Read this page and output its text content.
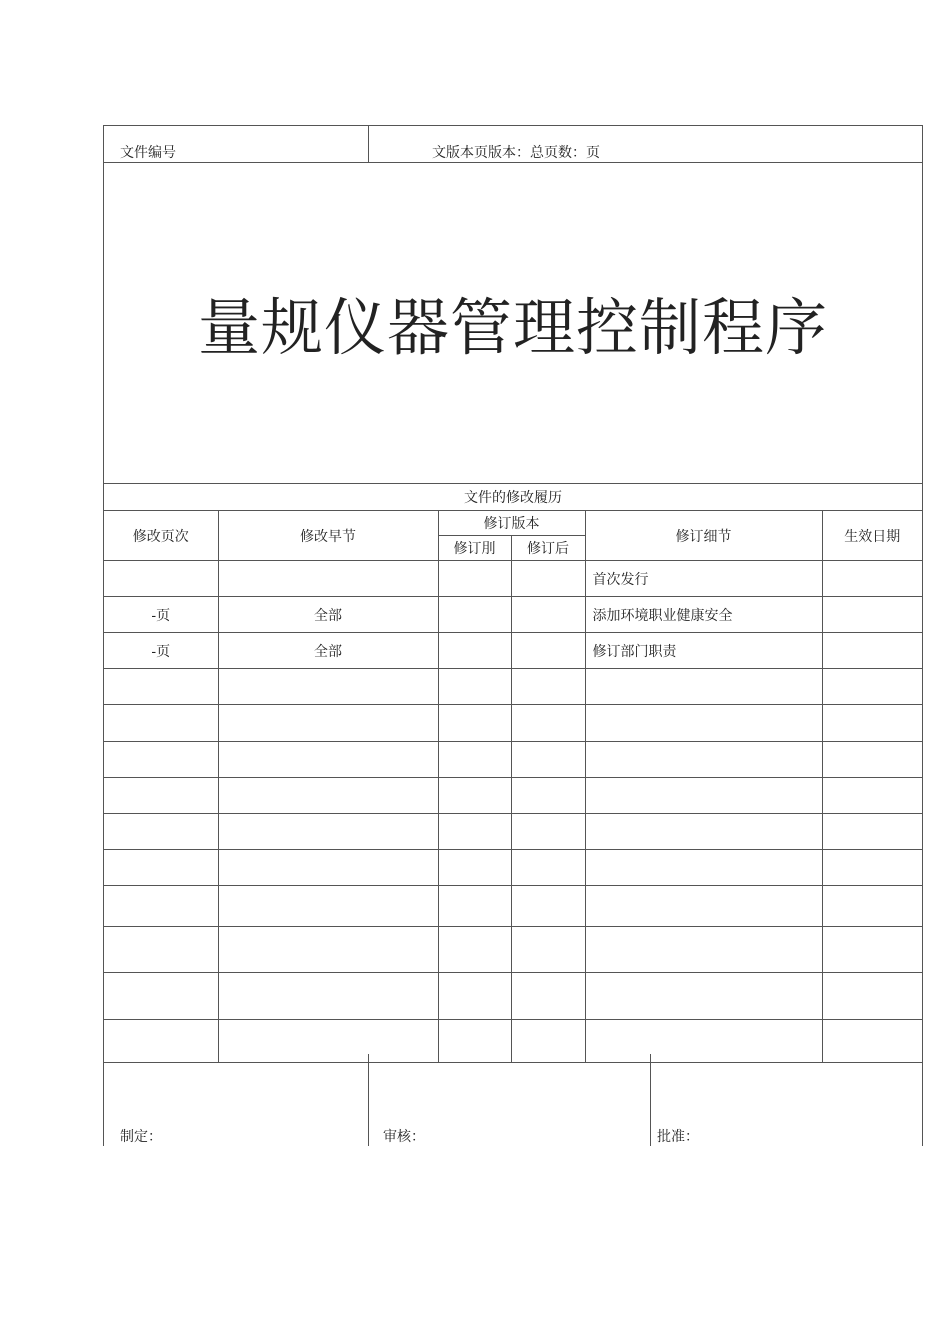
文件编号	文版本页版本：总页数：页
量规仪器管理控制程序
文件的修改履历					
修改页次	修改早节	修订版本		修订细节	生效日期
		修订刖	修订后		
				首次发行	
-页	全部			添加环境职业健康安全	
-页	全部			修订部门职责	

制定：	审核：	批准：
